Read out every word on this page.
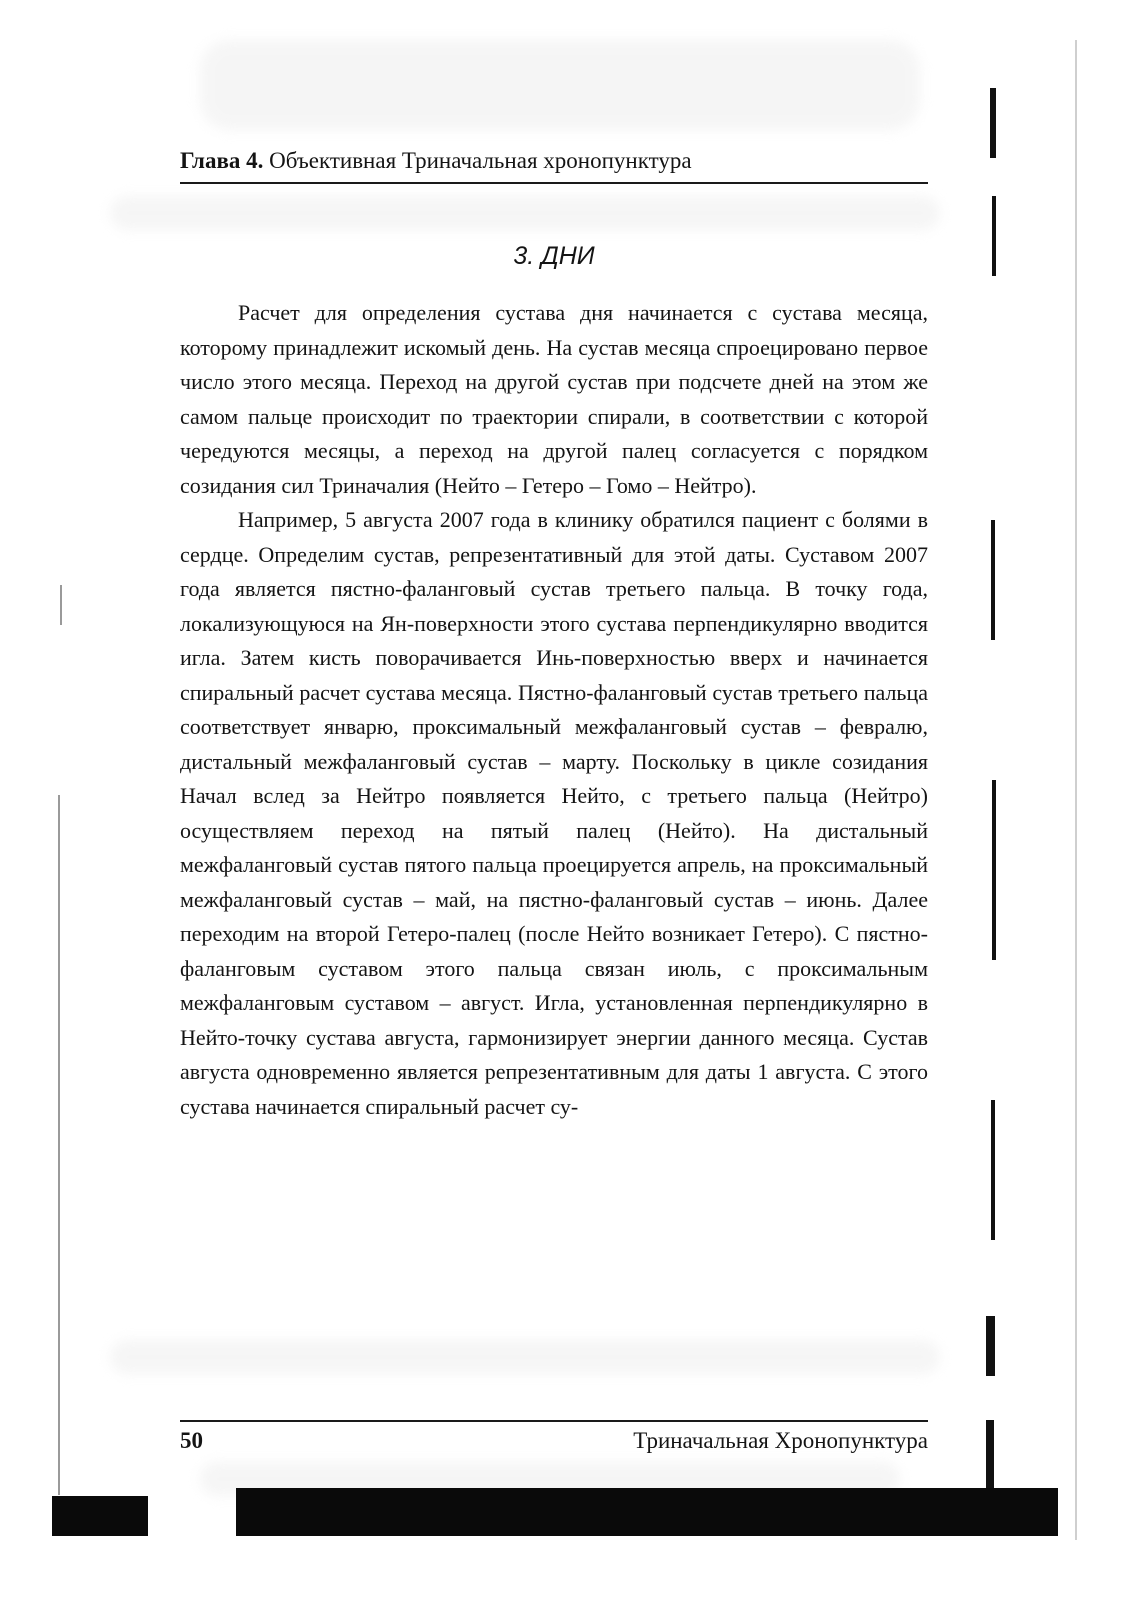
Глава 4. Объективная Триначальная хронопунктура
3. ДНИ

Расчет для определения сустава дня начинается с сустава месяца, которому принадлежит искомый день. На сустав месяца спроецировано первое число этого месяца. Переход на другой сустав при подсчете дней на этом же самом пальце происходит по траектории спирали, в соответствии с которой чередуются месяцы, а переход на другой палец согласуется с порядком созидания сил Триначалия (Нейто – Гетеро – Гомо – Нейтро).

Например, 5 августа 2007 года в клинику обратился пациент с болями в сердце. Определим сустав, репрезентативный для этой даты. Суставом 2007 года является пястно-фаланговый сустав третьего пальца. В точку года, локализующуюся на Ян-поверхности этого сустава перпендикулярно вводится игла. Затем кисть поворачивается Инь-поверхностью вверх и начинается спиральный расчет сустава месяца. Пястно-фаланговый сустав третьего пальца соответствует январю, проксимальный межфаланговый сустав – февралю, дистальный межфаланговый сустав – марту. Поскольку в цикле созидания Начал вслед за Нейтро появляется Нейто, с третьего пальца (Нейтро) осуществляем переход на пятый палец (Нейто). На дистальный межфаланговый сустав пятого пальца проецируется апрель, на проксимальный межфаланговый сустав – май, на пястно-фаланговый сустав – июнь. Далее переходим на второй Гетеро-палец (после Нейто возникает Гетеро). С пястно-фаланговым суставом этого пальца связан июль, с проксимальным межфаланговым суставом – август. Игла, установленная перпендикулярно в Нейто-точку сустава августа, гармонизирует энергии данного месяца. Сустав августа одновременно является репрезентативным для даты 1 августа. С этого сустава начинается спиральный расчет су-

50	Триначальная Хронопунктура
